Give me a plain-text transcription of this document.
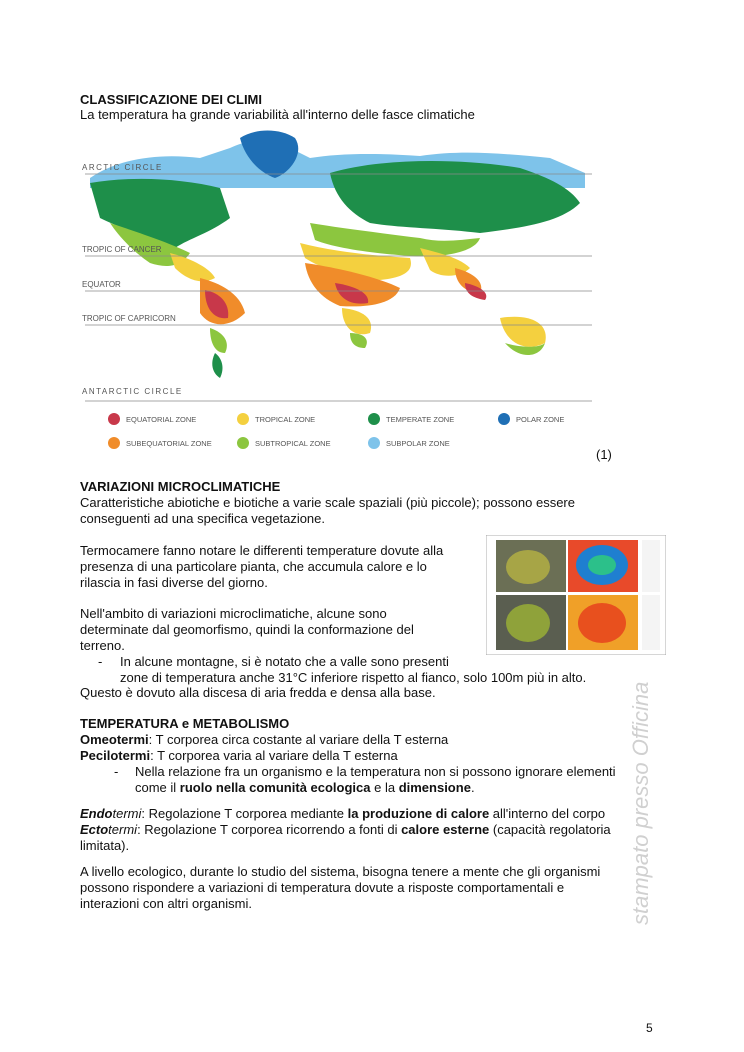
CLASSIFICAZIONE DEI CLIMI
La temperatura ha grande variabilità all'interno delle fasce climatiche
ARCTIC CIRCLE
TROPIC OF CANCER
EQUATOR
TROPIC OF CAPRICORN
ANTARCTIC CIRCLE
EQUATORIAL ZONE	TROPICAL ZONE	TEMPERATE ZONE	POLAR ZONE
SUBEQUATORIAL ZONE	SUBTROPICAL ZONE	SUBPOLAR ZONE
(1)
VARIAZIONI MICROCLIMATICHE
Caratteristiche abiotiche e biotiche a varie scale spaziali (più piccole); possono essere
conseguenti ad una specifica vegetazione.
Termocamere fanno notare le differenti temperature dovute alla
presenza di una particolare pianta, che accumula calore e lo
rilascia in fasi diverse del giorno.
Nell'ambito di variazioni microclimatiche, alcune sono
determinate dal geomorfismo, quindi la conformazione del
terreno.
- In alcune montagne, si è notato che a valle sono presenti
zone di temperatura anche 31°C inferiore rispetto al fianco, solo 100m più in alto.
Questo è dovuto alla discesa di aria fredda e densa alla base.
TEMPERATURA e METABOLISMO
Omeotermi: T corporea circa costante al variare della T esterna
Pecilotermi: T corporea varia al variare della T esterna
- Nella relazione fra un organismo e la temperatura non si possono ignorare elementi
come il ruolo nella comunità ecologica e la dimensione.
Endotermi: Regolazione T corporea mediante la produzione di calore all'interno del corpo
Ectotermi: Regolazione T corporea ricorrendo a fonti di calore esterne (capacità regolatoria
limitata).
A livello ecologico, durante lo studio del sistema, bisogna tenere a mente che gli organismi
possono rispondere a variazioni di temperatura dovute a risposte comportamentali e
interazioni con altri organismi.	stampato presso Officina
5
